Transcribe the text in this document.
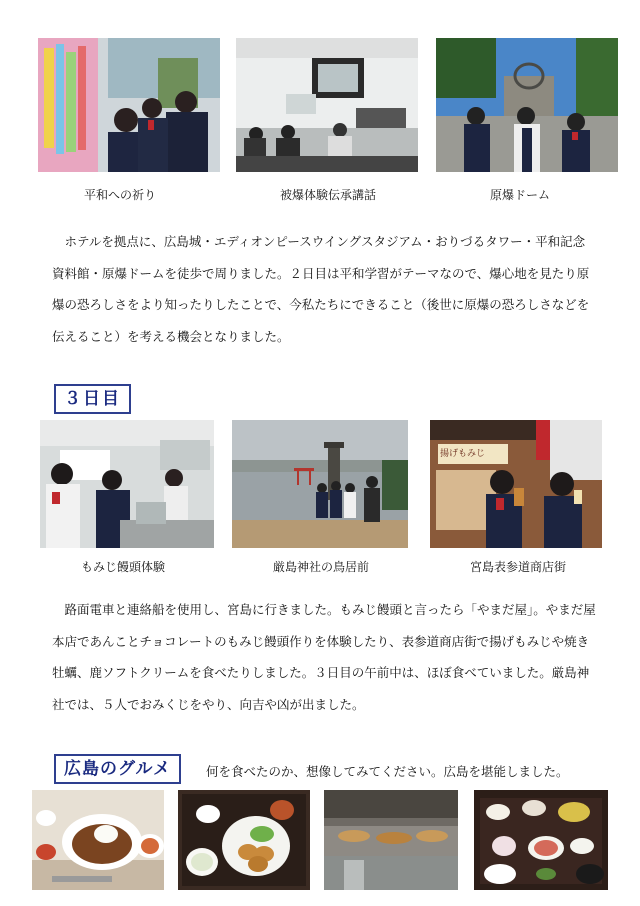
平和への祈り	被爆体験伝承講話	原爆ドーム

ホテルを拠点に、広島城・エディオンピースウイングスタジアム・おりづるタワー・平和記念資料館・原爆ドームを徒歩で周りました。２日目は平和学習がテーマなので、爆心地を見たり原爆の恐ろしさをより知ったりしたことで、今私たちにできること（後世に原爆の恐ろしさなどを伝えること）を考える機会となりました。

３日目
揚げもみじ
もみじ饅頭体験	厳島神社の鳥居前	宮島表参道商店街

路面電車と連絡船を使用し、宮島に行きました。もみじ饅頭と言ったら「やまだ屋」。やまだ屋本店であんことチョコレートのもみじ饅頭作りを体験したり、表参道商店街で揚げもみじや焼き牡蠣、鹿ソフトクリームを食べたりしました。３日目の午前中は、ほぼ食べていました。厳島神社では、５人でおみくじをやり、向吉や凶が出ました。

広島のグルメ	何を食べたのか、想像してみてください。広島を堪能しました。
